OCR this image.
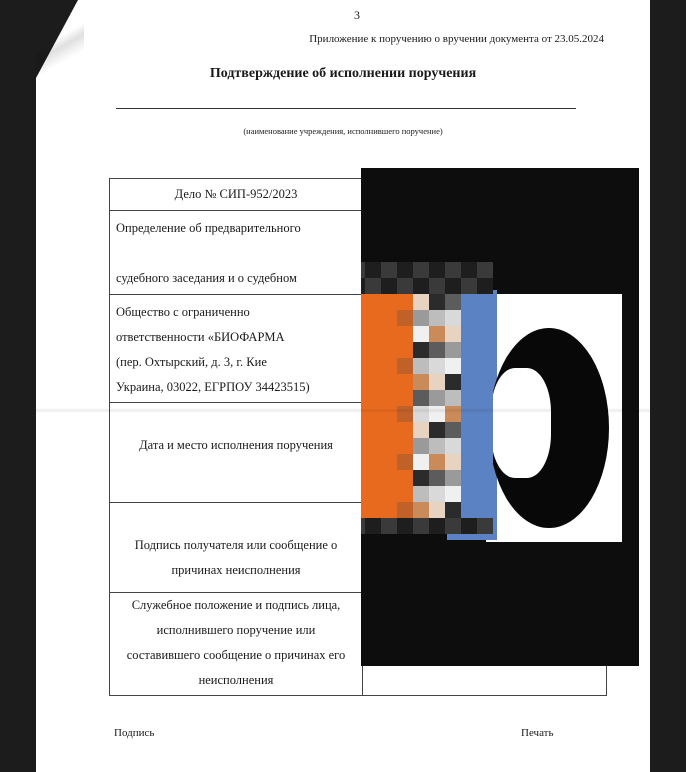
3
Приложение к поручению о вручении документа от 23.05.2024
Подтверждение об исполнении поручения
(наименование учреждения, исполнившего поручение)
Дело № СИП-952/2023
Определение об предварительного

судебного заседания и о судебном

Общество с ограниченно
ответственности «БИОФАРМА
(пер. Охтырский, д. 3, г. Кие
Украина, 03022, ЕГРПОУ 34423515)
Дата и место исполнения поручения
Подпись получателя или сообщение о
причинах неисполнения
Служебное положение и подпись лица,
исполнившего поручение или
составившего сообщение о причинах его
неисполнения
Подпись	Печать
